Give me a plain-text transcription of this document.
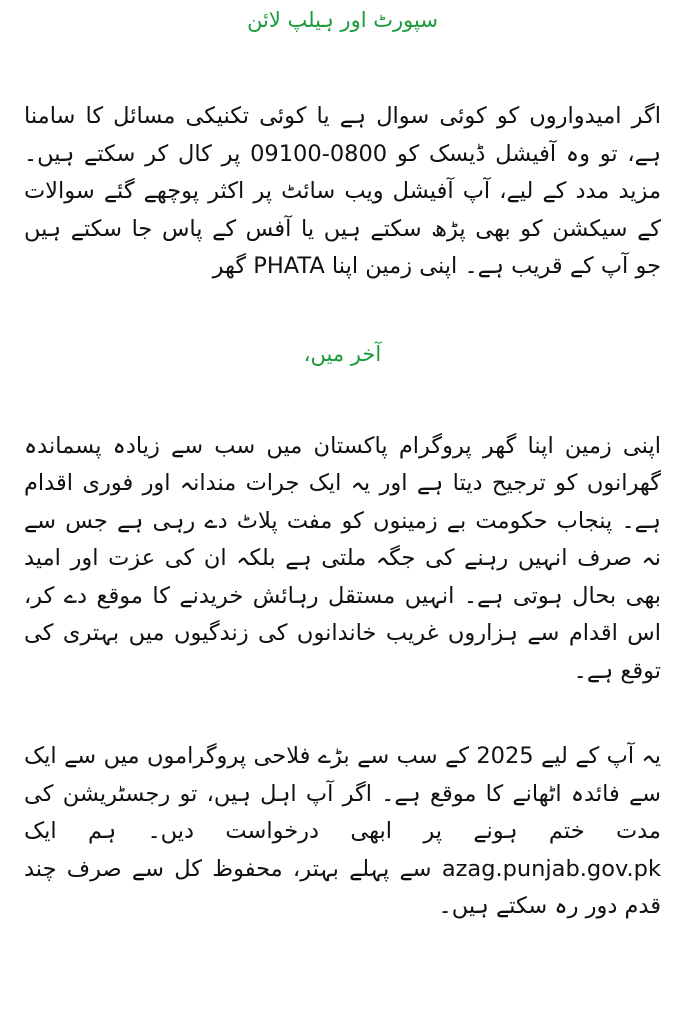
سپورٹ اور ہیلپ لائن

اگر امیدواروں کو کوئی سوال ہے یا کوئی تکنیکی مسائل کا سامنا ہے، تو وہ آفیشل ڈیسک کو 0800-09100 پر کال کر سکتے ہیں۔ مزید مدد کے لیے، آپ آفیشل ویب سائٹ پر اکثر پوچھے گئے سوالات کے سیکشن کو بھی پڑھ سکتے ہیں یا آفس کے پاس جا سکتے ہیں جو آپ کے قریب ہے۔ اپنی زمین اپنا PHATA گھر

آخر میں،

اپنی زمین اپنا گھر پروگرام پاکستان میں سب سے زیادہ پسماندہ گھرانوں کو ترجیح دیتا ہے اور یہ ایک جرات مندانہ اور فوری اقدام ہے۔ پنجاب حکومت بے زمینوں کو مفت پلاٹ دے رہی ہے جس سے نہ صرف انہیں رہنے کی جگہ ملتی ہے بلکہ ان کی عزت اور امید بھی بحال ہوتی ہے۔ انہیں مستقل رہائش خریدنے کا موقع دے کر، اس اقدام سے ہزاروں غریب خاندانوں کی زندگیوں میں بہتری کی توقع ہے۔

یہ آپ کے لیے 2025 کے سب سے بڑے فلاحی پروگراموں میں سے ایک سے فائدہ اٹھانے کا موقع ہے۔ اگر آپ اہل ہیں، تو رجسٹریشن کی مدت ختم ہونے پر ابھی درخواست دیں۔ ہم ایک azag.punjab.gov.pk سے پہلے بہتر، محفوظ کل سے صرف چند قدم دور رہ سکتے ہیں۔
